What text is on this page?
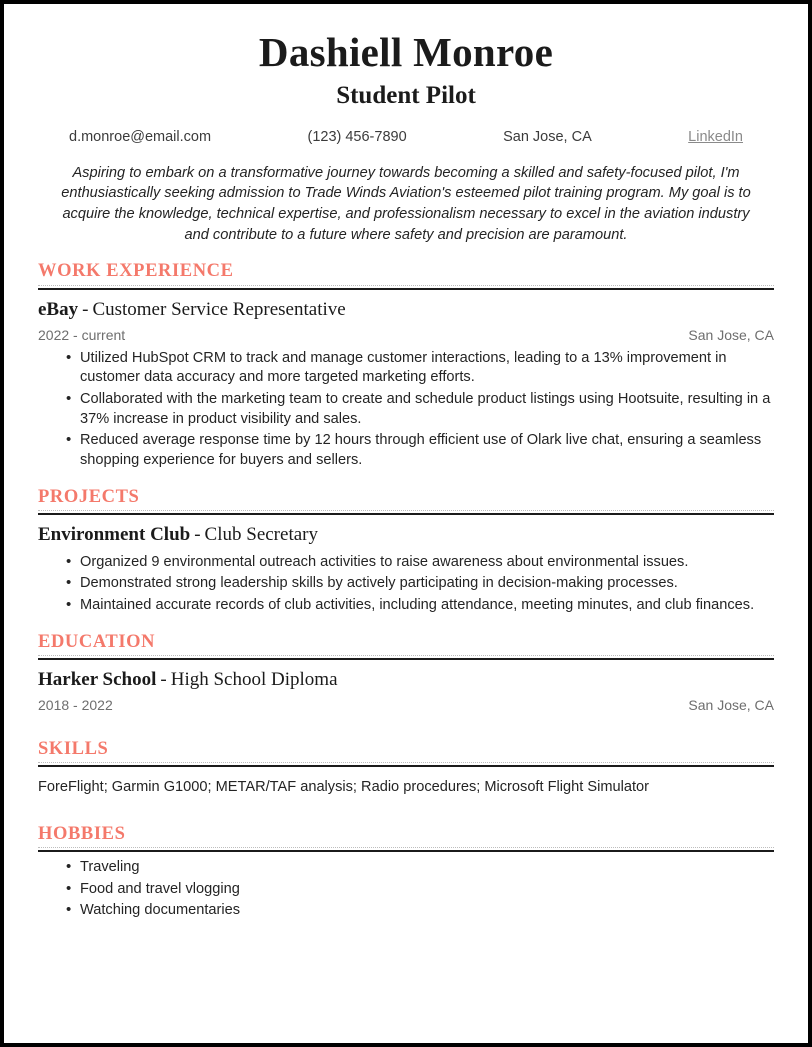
Dashiell Monroe
Student Pilot
d.monroe@email.com	(123) 456-7890	San Jose, CA	LinkedIn
Aspiring to embark on a transformative journey towards becoming a skilled and safety-focused pilot, I'm enthusiastically seeking admission to Trade Winds Aviation's esteemed pilot training program. My goal is to acquire the knowledge, technical expertise, and professionalism necessary to excel in the aviation industry and contribute to a future where safety and precision are paramount.
WORK EXPERIENCE
eBay - Customer Service Representative
2022 - current	San Jose, CA
• Utilized HubSpot CRM to track and manage customer interactions, leading to a 13% improvement in customer data accuracy and more targeted marketing efforts.
• Collaborated with the marketing team to create and schedule product listings using Hootsuite, resulting in a 37% increase in product visibility and sales.
• Reduced average response time by 12 hours through efficient use of Olark live chat, ensuring a seamless shopping experience for buyers and sellers.
PROJECTS
Environment Club - Club Secretary
• Organized 9 environmental outreach activities to raise awareness about environmental issues.
• Demonstrated strong leadership skills by actively participating in decision-making processes.
• Maintained accurate records of club activities, including attendance, meeting minutes, and club finances.
EDUCATION
Harker School - High School Diploma
2018 - 2022	San Jose, CA
SKILLS
ForeFlight; Garmin G1000; METAR/TAF analysis; Radio procedures; Microsoft Flight Simulator
HOBBIES
• Traveling
• Food and travel vlogging
• Watching documentaries
